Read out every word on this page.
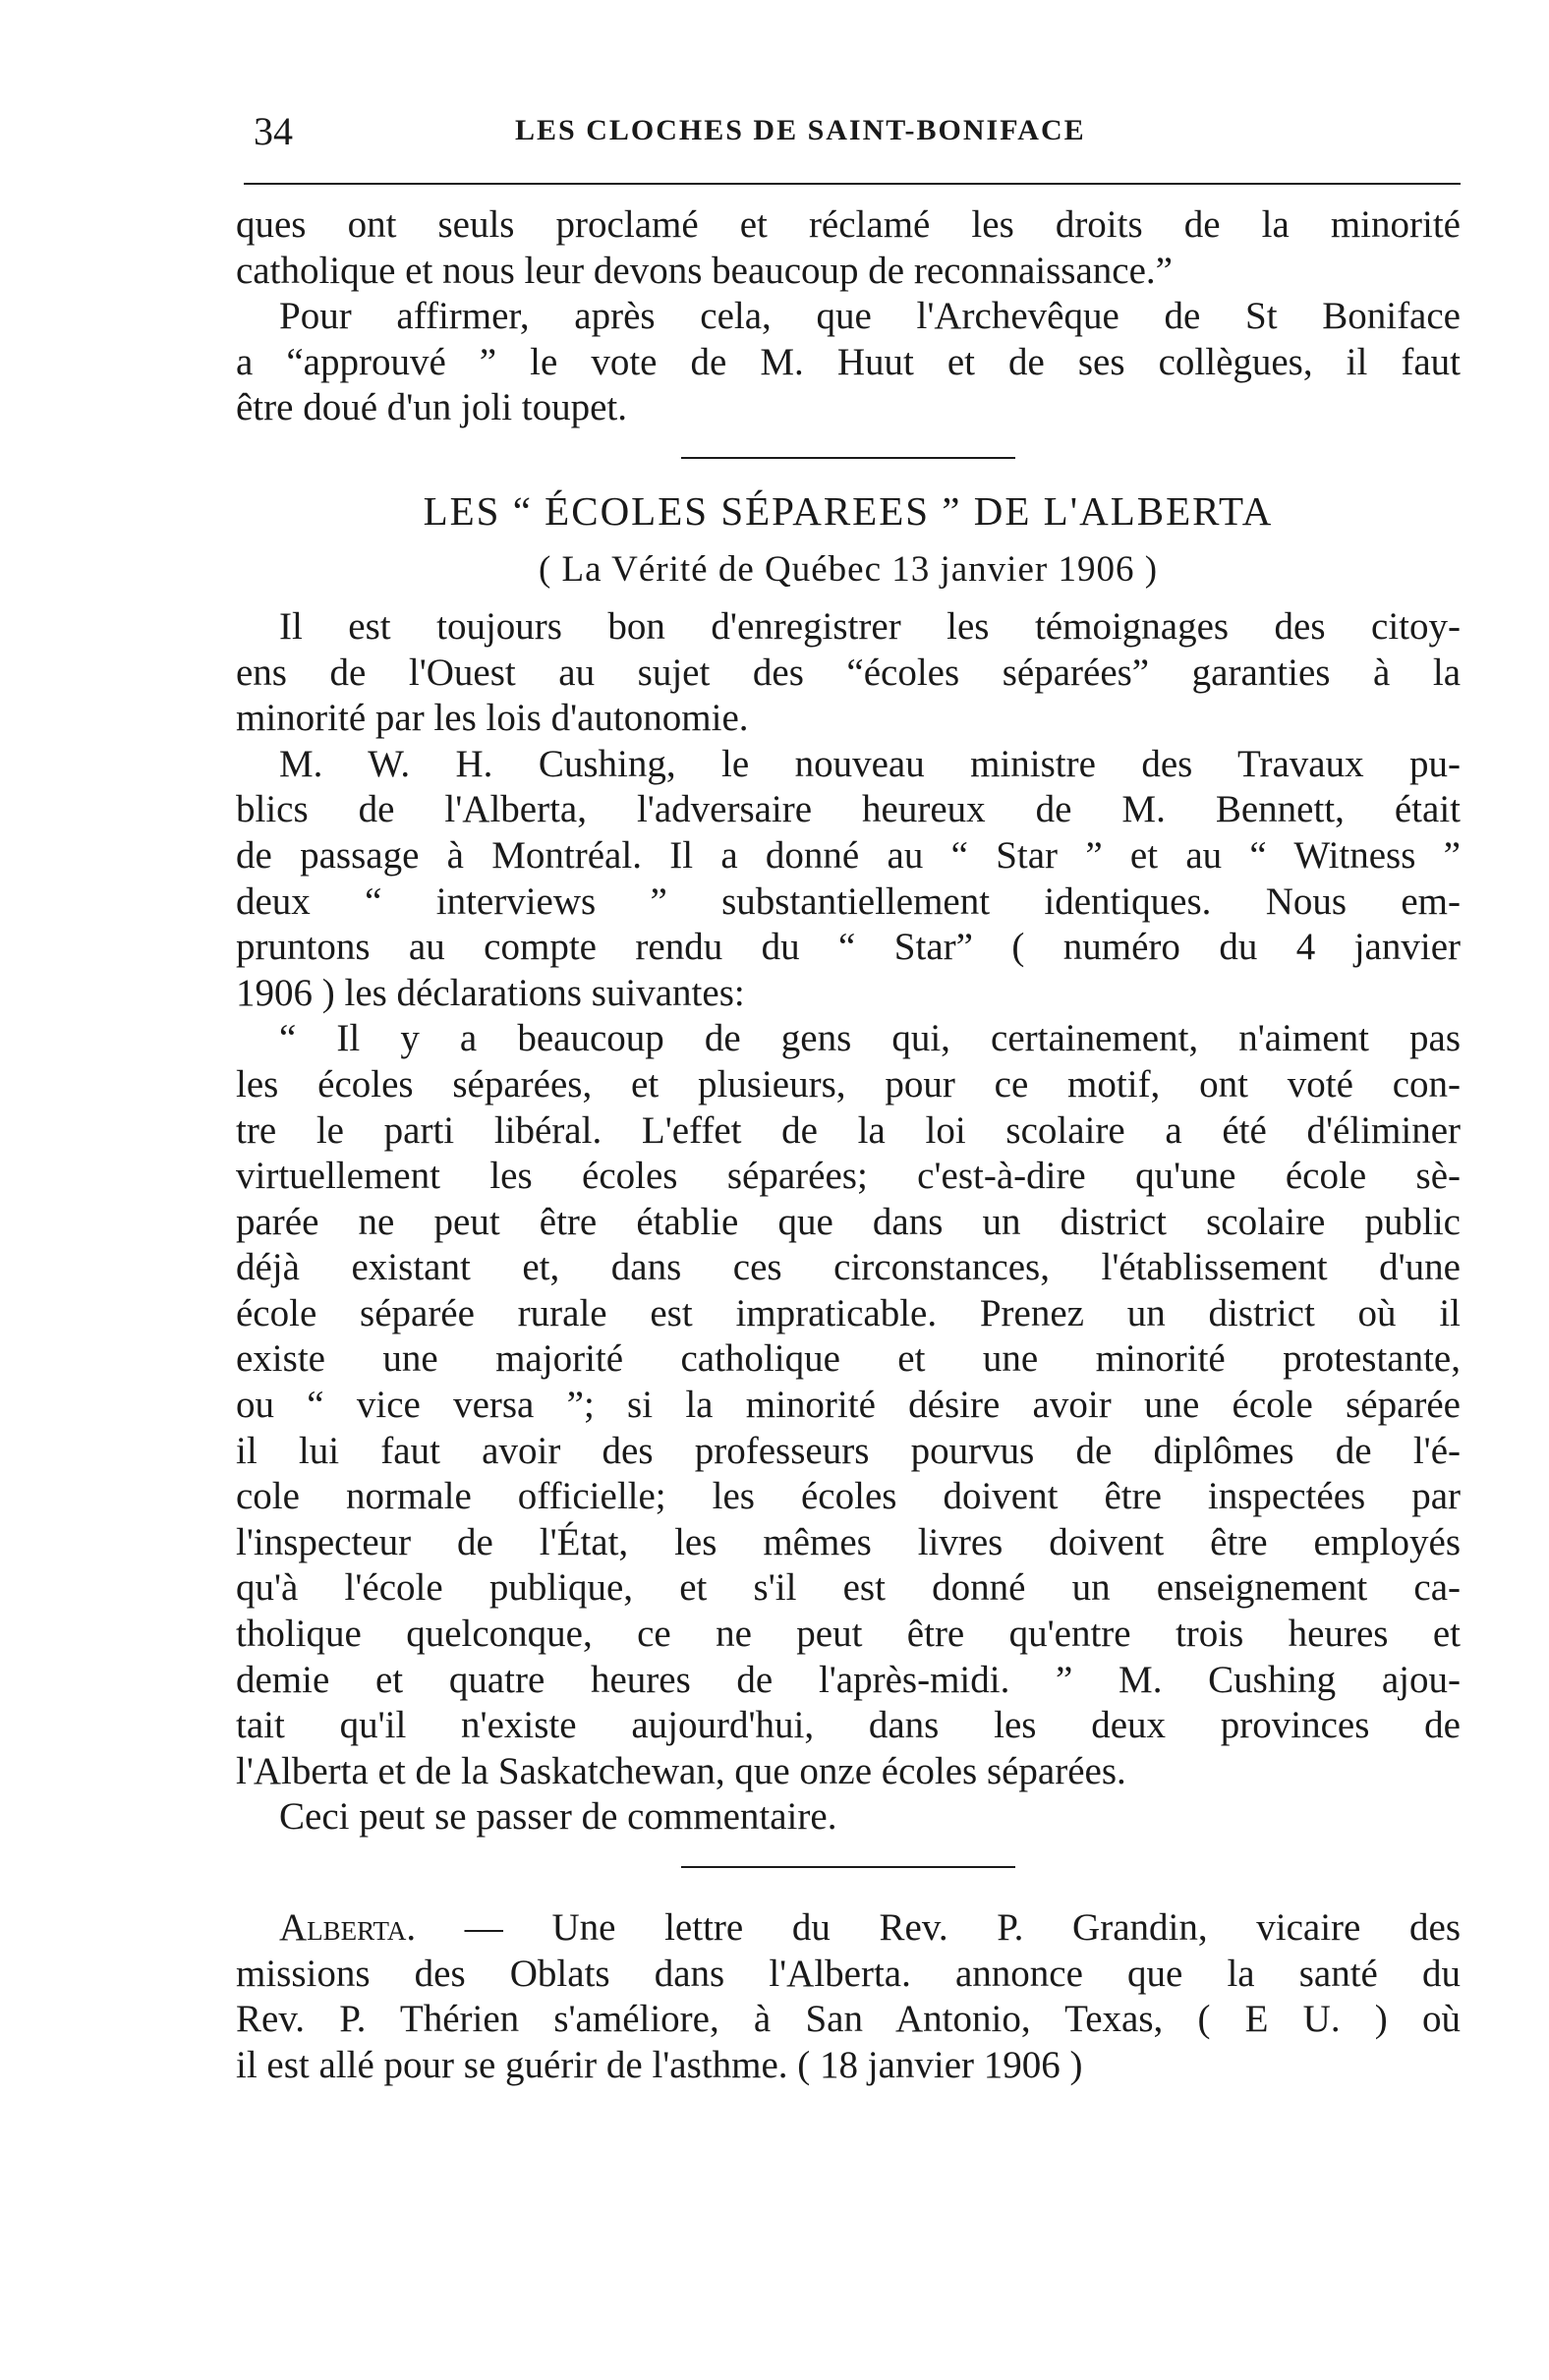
34	LES CLOCHES DE SAINT-BONIFACE
ques ont seuls proclamé et réclamé les droits de la minorité
catholique et nous leur devons beaucoup de reconnaissance.”
Pour affirmer, après cela, que l'Archevêque de St Boniface
a “approuvé ” le vote de M. Huut et de ses collègues, il faut
être doué d'un joli toupet.
LES “ ÉCOLES SÉPAREES ” DE L'ALBERTA
( La Vérité de Québec 13 janvier 1906 )
Il est toujours bon d'enregistrer les témoignages des citoy-
ens de l'Ouest au sujet des “écoles séparées” garanties à la
minorité par les lois d'autonomie.
M. W. H. Cushing, le nouveau ministre des Travaux pu-
blics de l'Alberta, l'adversaire heureux de M. Bennett, était
de passage à Montréal. Il a donné au “ Star ” et au “ Witness ”
deux “ interviews ” substantiellement identiques. Nous em-
pruntons au compte rendu du “ Star” ( numéro du 4 janvier
1906 ) les déclarations suivantes:
“ Il y a beaucoup de gens qui, certainement, n'aiment pas
les écoles séparées, et plusieurs, pour ce motif, ont voté con-
tre le parti libéral. L'effet de la loi scolaire a été d'éliminer
virtuellement les écoles séparées; c'est-à-dire qu'une école sè-
parée ne peut être établie que dans un district scolaire public
déjà existant et, dans ces circonstances, l'établissement d'une
école séparée rurale est impraticable. Prenez un district où il
existe une majorité catholique et une minorité protestante,
ou “ vice versa ”; si la minorité désire avoir une école séparée
il lui faut avoir des professeurs pourvus de diplômes de l'é-
cole normale officielle; les écoles doivent être inspectées par
l'inspecteur de l'État, les mêmes livres doivent être employés
qu'à l'école publique, et s'il est donné un enseignement ca-
tholique quelconque, ce ne peut être qu'entre trois heures et
demie et quatre heures de l'après-midi. ” M. Cushing ajou-
tait qu'il n'existe aujourd'hui, dans les deux provinces de
l'Alberta et de la Saskatchewan, que onze écoles séparées.
Ceci peut se passer de commentaire.
Alberta. — Une lettre du Rev. P. Grandin, vicaire des
missions des Oblats dans l'Alberta. annonce que la santé du
Rev. P. Thérien s'améliore, à San Antonio, Texas, ( E U. ) où
il est allé pour se guérir de l'asthme. ( 18 janvier 1906 )
